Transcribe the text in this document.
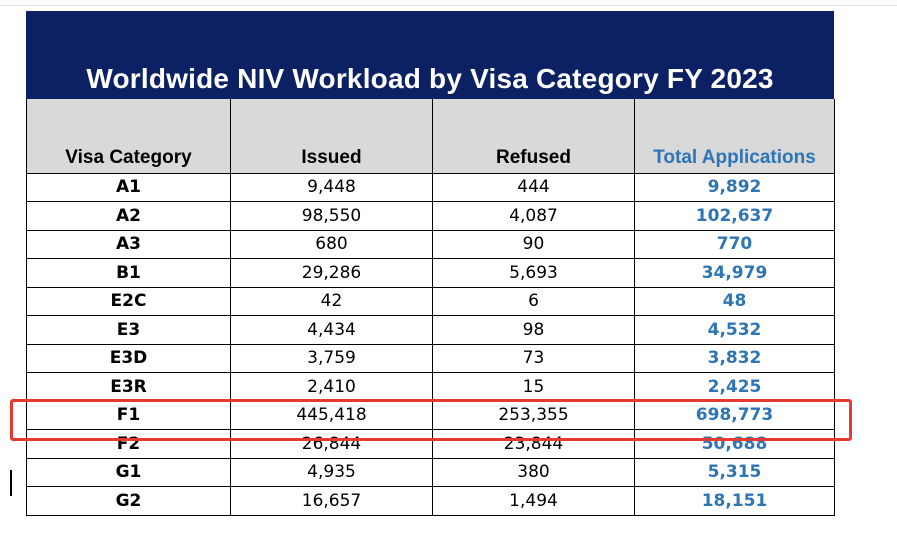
Worldwide NIV Workload by Visa Category FY 2023
Visa Category	Issued	Refused	Total Applications
A1	9,448	444	9,892
A2	98,550	4,087	102,637
A3	680	90	770
B1	29,286	5,693	34,979
E2C	42	6	48
E3	4,434	98	4,532
E3D	3,759	73	3,832
E3R	2,410	15	2,425
F1	445,418	253,355	698,773
F2	26,844	23,844	50,688
G1	4,935	380	5,315
G2	16,657	1,494	18,151
